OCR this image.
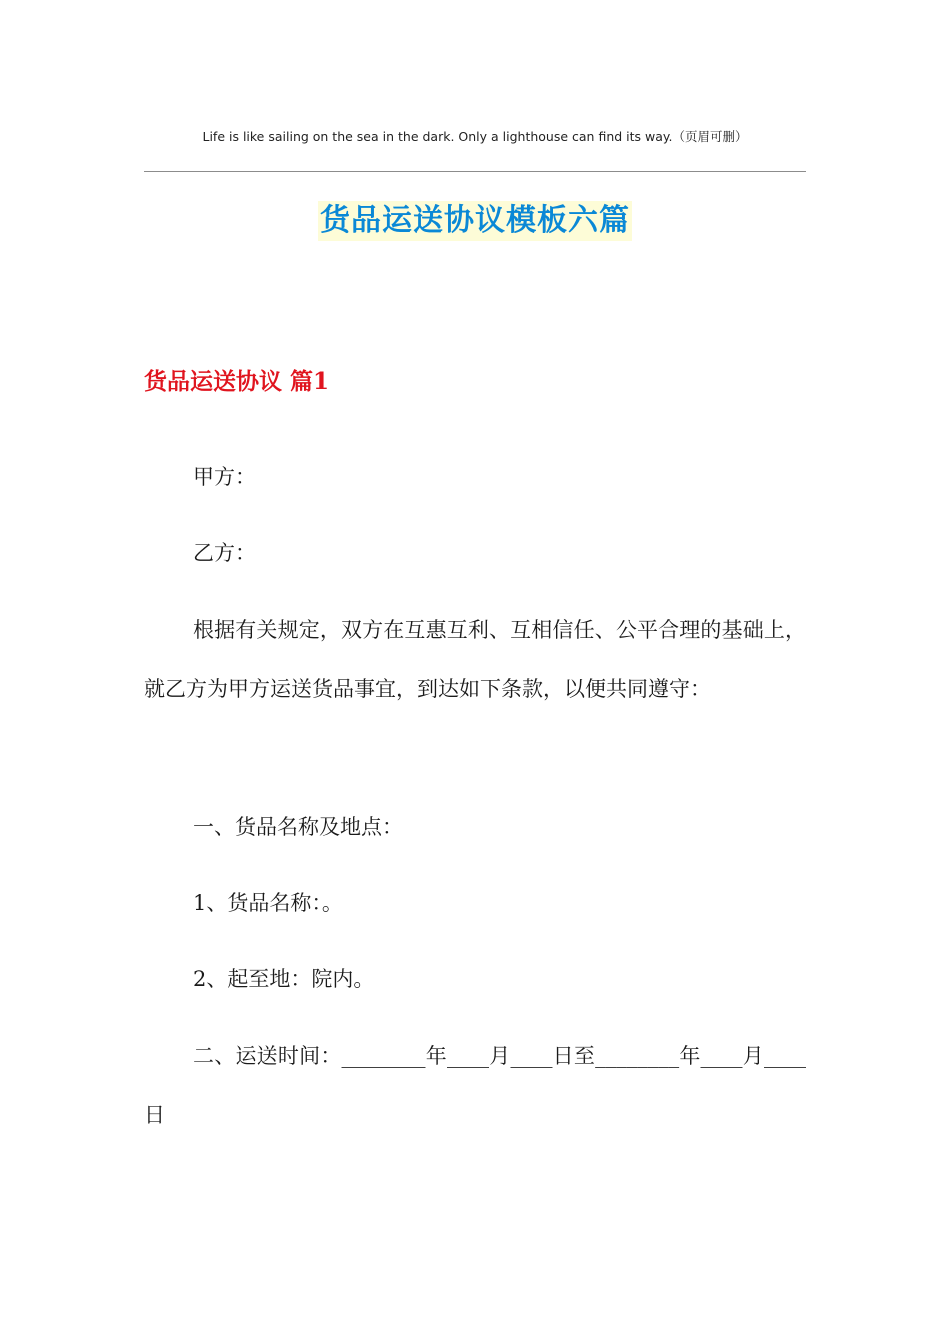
Life is like sailing on the sea in the dark. Only a lighthouse can find its way.（页眉可删）
货品运送协议模板六篇
货品运送协议 篇1

甲方：

乙方：

根据有关规定，双方在互惠互利、互相信任、公平合理的基础上，就乙方为甲方运送货品事宜，到达如下条款，以便共同遵守：

一、货品名称及地点：

1、货品名称：。

2、起至地：院内。

二、运送时间：________年____月____日至________年____月____日
